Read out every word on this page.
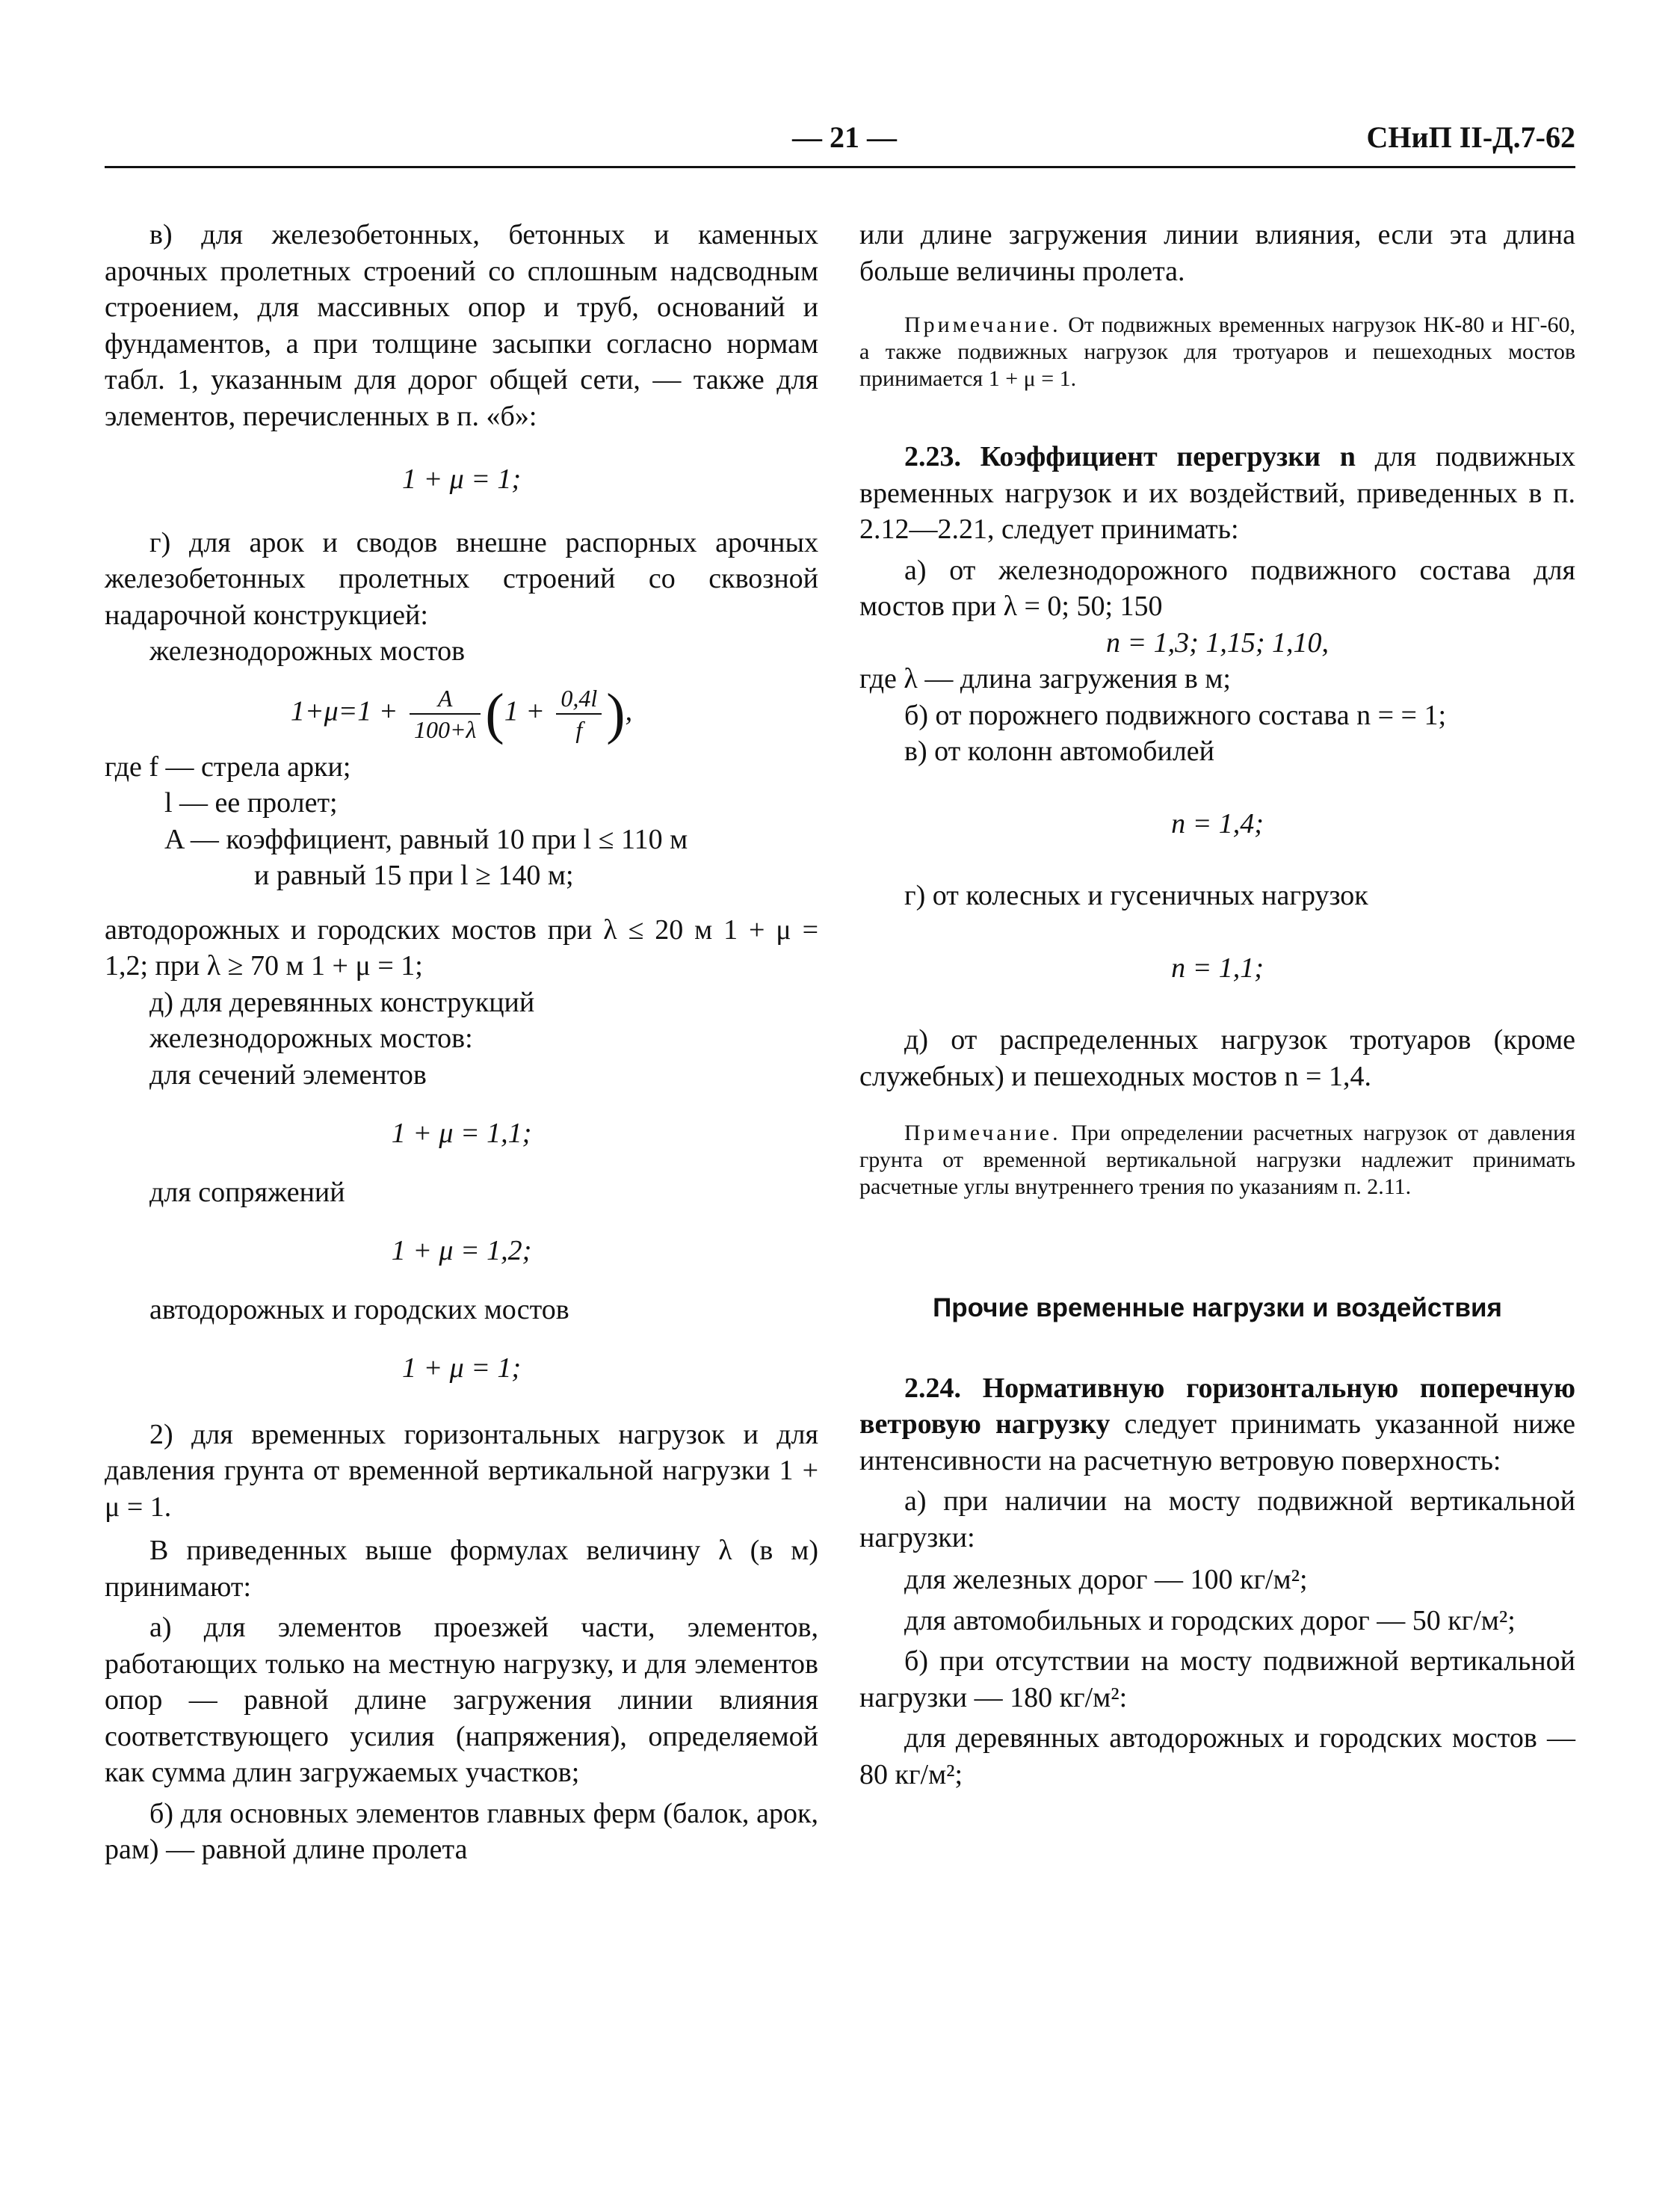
— 21 —	СНиП II-Д.7-62

в) для железобетонных, бетонных и каменных арочных пролетных строений со сплошным надсводным строением, для массивных опор и труб, оснований и фундаментов, а при толщине засыпки согласно нормам табл. 1, указанным для дорог общей сети, — также для элементов, перечисленных в п. «б»:

1 + μ = 1;

г) для арок и сводов внешне распорных арочных железобетонных пролетных строений со сквозной надарочной конструкцией:

железнодорожных мостов

$1+\mu=1 + \frac{A}{100+\lambda} (1 + \frac{0,4l}{f}$ ),

где f — стрела арки;

l — ее пролет;

A — коэффициент, равный 10 при l ≤ 110 м

и равный 15 при l ≥ 140 м;

автодорожных и городских мостов при λ ≤ 20 м 1 + μ = 1,2; при λ ≥ 70 м 1 + μ = 1;

д) для деревянных конструкций

железнодорожных мостов:

для сечений элементов

1 + μ = 1,1;

для сопряжений

1 + μ = 1,2;

автодорожных и городских мостов

1 + μ = 1;

2) для временных горизонтальных нагрузок и для давления грунта от временной вертикальной нагрузки 1 + μ = 1.

В приведенных выше формулах величину λ (в м) принимают:

а) для элементов проезжей части, элементов, работающих только на местную нагрузку, и для элементов опор — равной длине загружения линии влияния соответствующего усилия (напряжения), определяемой как сумма длин загружаемых участков;

б) для основных элементов главных ферм (балок, арок, рам) — равной длине пролета

или длине загружения линии влияния, если эта длина больше величины пролета.

Примечание. От подвижных временных нагрузок НК-80 и НГ-60, а также подвижных нагрузок для тротуаров и пешеходных мостов принимается 1 + μ = 1.

2.23. Коэффициент перегрузки n для подвижных временных нагрузок и их воздействий, приведенных в п. 2.12—2.21, следует принимать:

а) от железнодорожного подвижного состава для мостов при λ = 0; 50; 150

n = 1,3; 1,15; 1,10,

где λ — длина загружения в м;

б) от порожнего подвижного состава n = = 1;

в) от колонн автомобилей

n = 1,4;

г) от колесных и гусеничных нагрузок

n = 1,1;

д) от распределенных нагрузок тротуаров (кроме служебных) и пешеходных мостов n = 1,4.

Примечание. При определении расчетных нагрузок от давления грунта от временной вертикальной нагрузки надлежит принимать расчетные углы внутреннего трения по указаниям п. 2.11.

Прочие временные нагрузки и воздействия

2.24. Нормативную горизонтальную поперечную ветровую нагрузку следует принимать указанной ниже интенсивности на расчетную ветровую поверхность:

а) при наличии на мосту подвижной вертикальной нагрузки:

для железных дорог — 100 кг/м²;

для автомобильных и городских дорог — 50 кг/м²;

б) при отсутствии на мосту подвижной вертикальной нагрузки — 180 кг/м²:

для деревянных автодорожных и городских мостов — 80 кг/м²;
